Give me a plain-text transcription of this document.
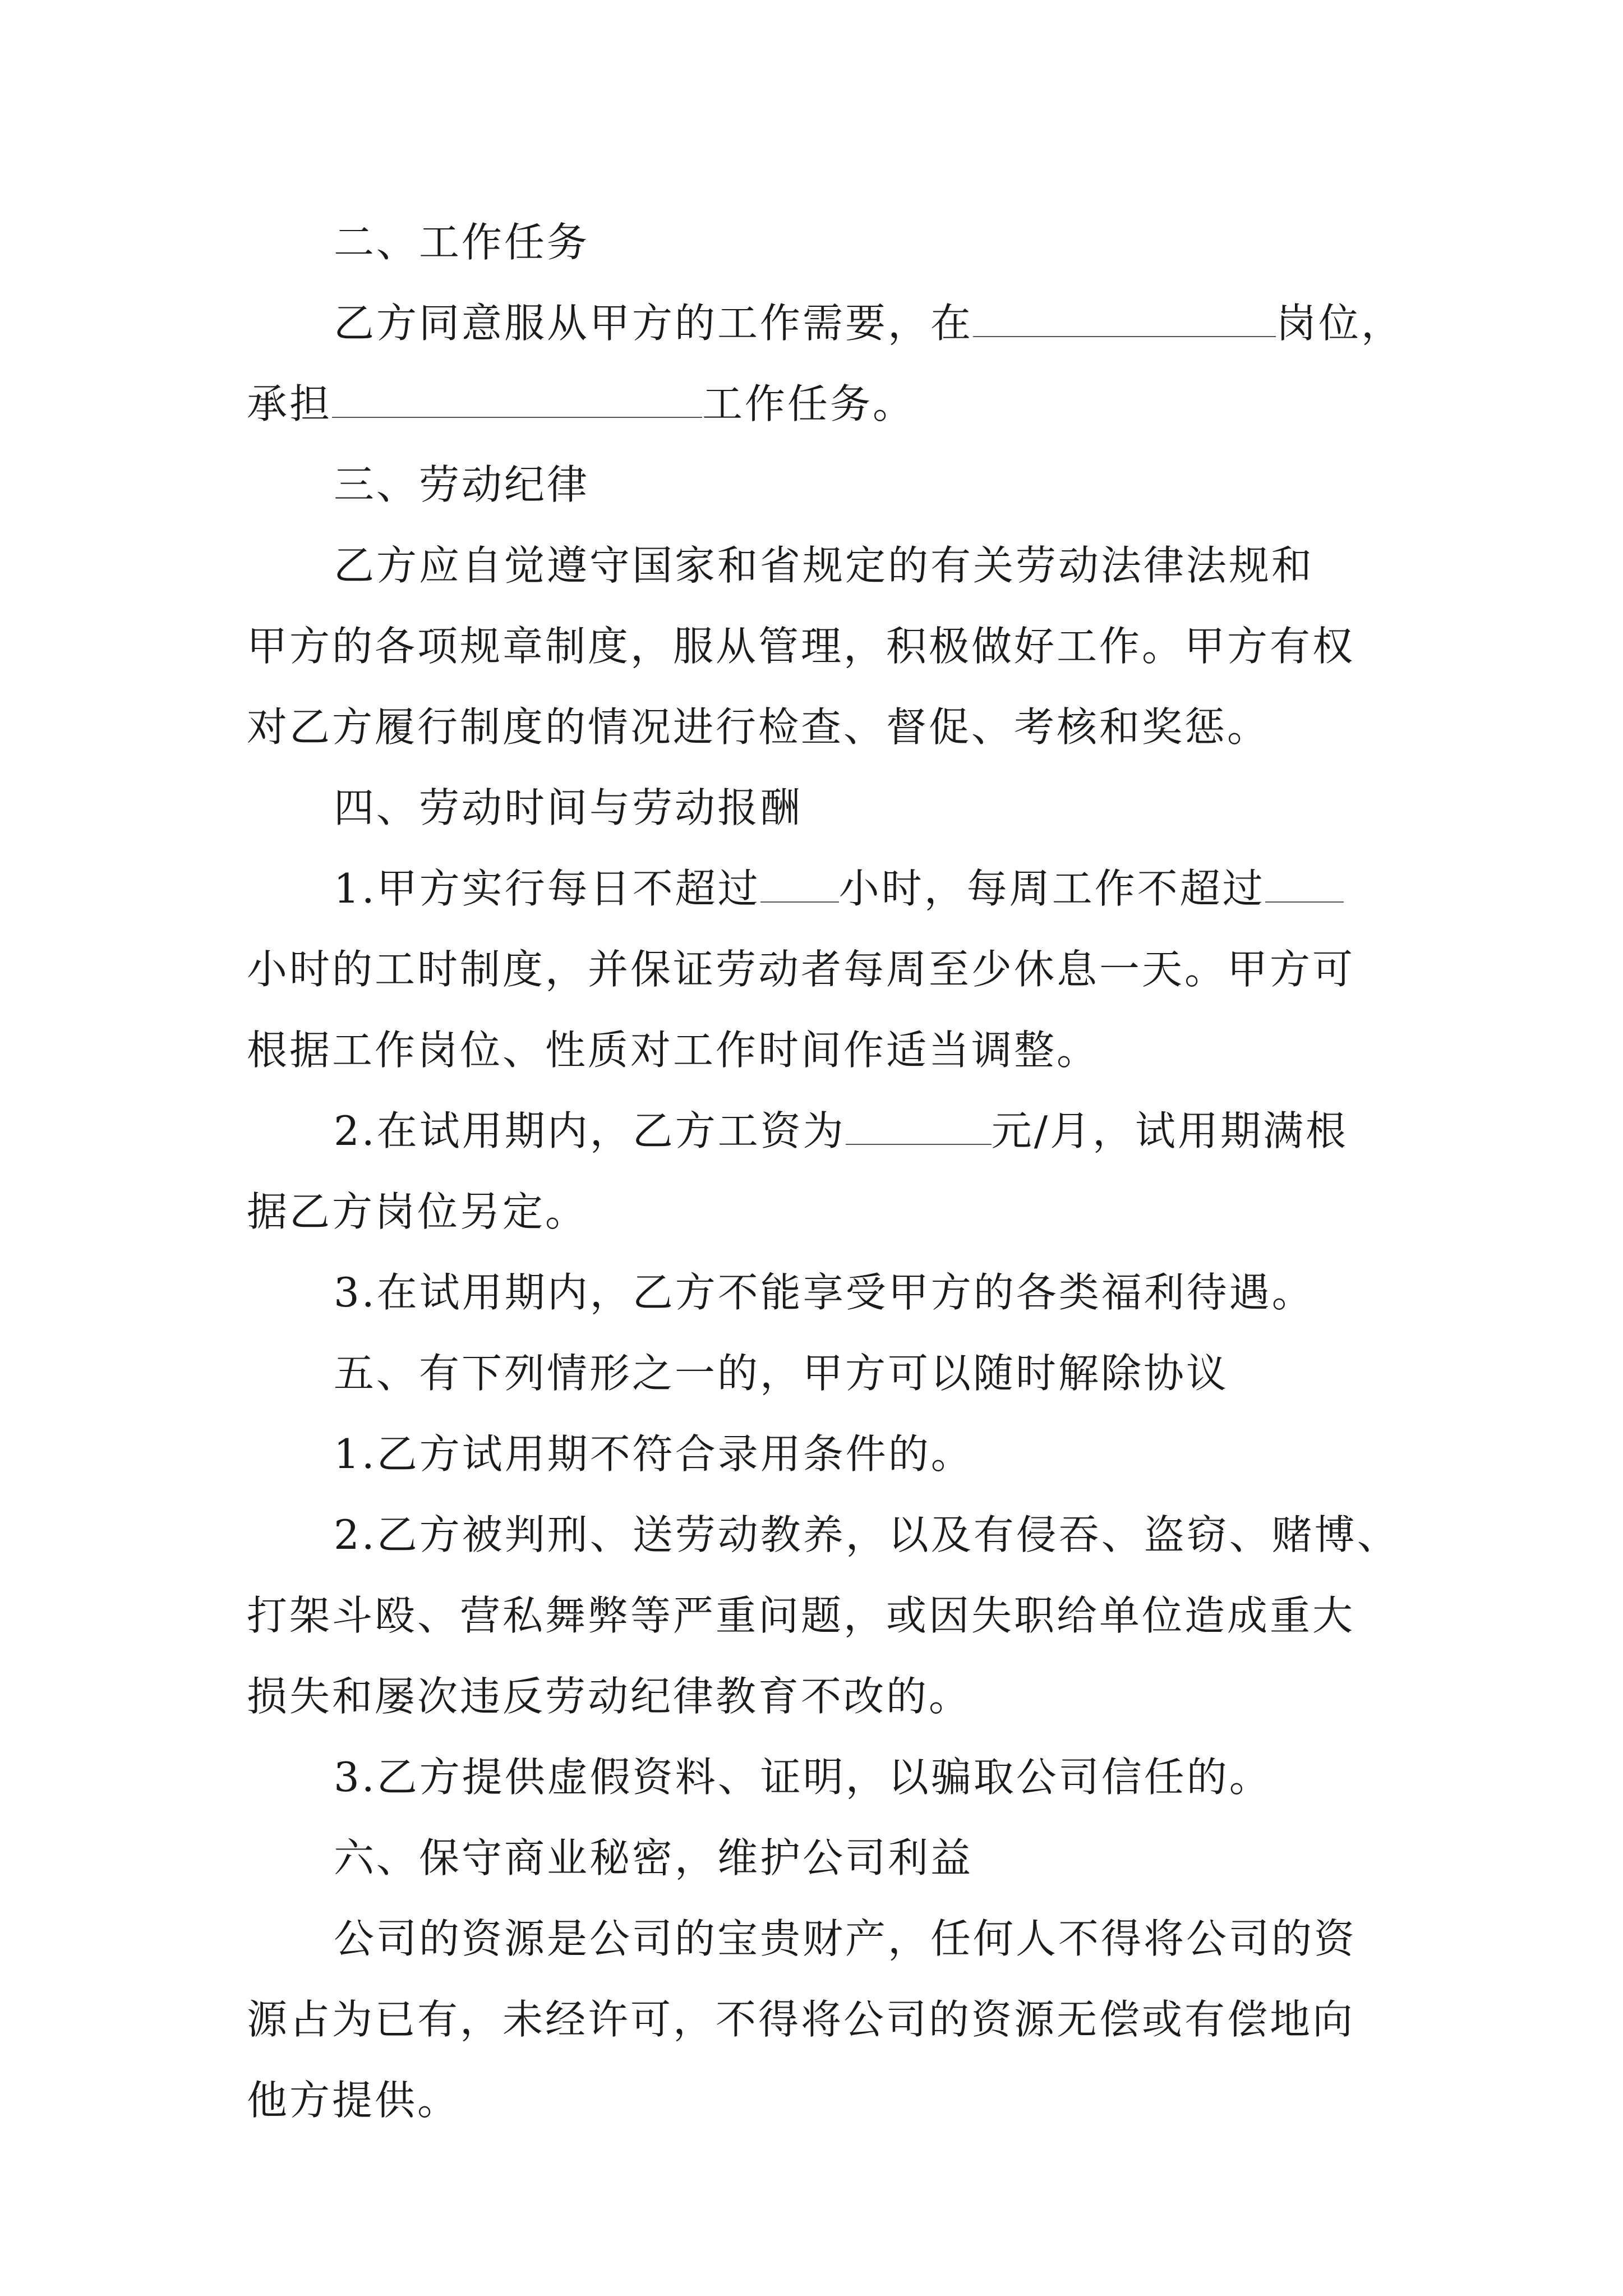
二、工作任务
乙方同意服从甲方的工作需要，在	岗位，
承担	工作任务。
三、劳动纪律
乙方应自觉遵守国家和省规定的有关劳动法律法规和
甲方的各项规章制度，服从管理，积极做好工作。甲方有权
对乙方履行制度的情况进行检查、督促、考核和奖惩。
四、劳动时间与劳动报酬
1.甲方实行每日不超过 小时，每周工作不超过
小时的工时制度，并保证劳动者每周至少休息一天。甲方可
根据工作岗位、性质对工作时间作适当调整。
2.在试用期内，乙方工资为	元/月，试用期满根
据乙方岗位另定。
3.在试用期内，乙方不能享受甲方的各类福利待遇。
五、有下列情形之一的，甲方可以随时解除协议
1.乙方试用期不符合录用条件的。
2.乙方被判刑、送劳动教养，以及有侵吞、盗窃、赌博、
打架斗殴、营私舞弊等严重问题，或因失职给单位造成重大
损失和屡次违反劳动纪律教育不改的。
3.乙方提供虚假资料、证明，以骗取公司信任的。
六、保守商业秘密，维护公司利益
公司的资源是公司的宝贵财产，任何人不得将公司的资
源占为已有，未经许可，不得将公司的资源无偿或有偿地向
他方提供。
